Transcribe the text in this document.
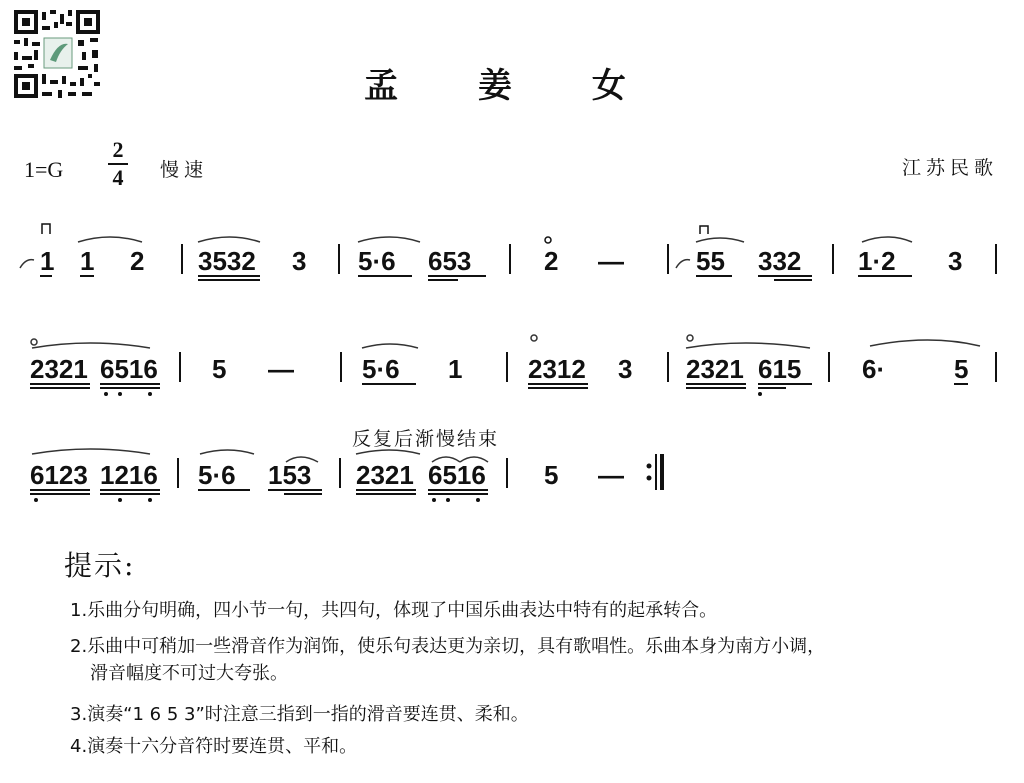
孟 姜 女
1=G
2
4 慢速	江苏民歌
1 1 2 3532 3 5·6 653	2 —	55 332 1·2 3
2321 6516 5 —	5·6 1	2312 3 2321 615 6·	5
反复后渐慢结束
6123 1216 5·6 153 2321 6516 5 —
提示:
1.乐曲分句明确，四小节一句，共四句，体现了中国乐曲表达中特有的起承转合。
2.乐曲中可稍加一些滑音作为润饰，使乐句表达更为亲切，具有歌唱性。乐曲本身为南方小调，
滑音幅度不可过大夸张。
3.演奏“1 6 5 3”时注意三指到一指的滑音要连贯、柔和。
4.演奏十六分音符时要连贯、平和。
